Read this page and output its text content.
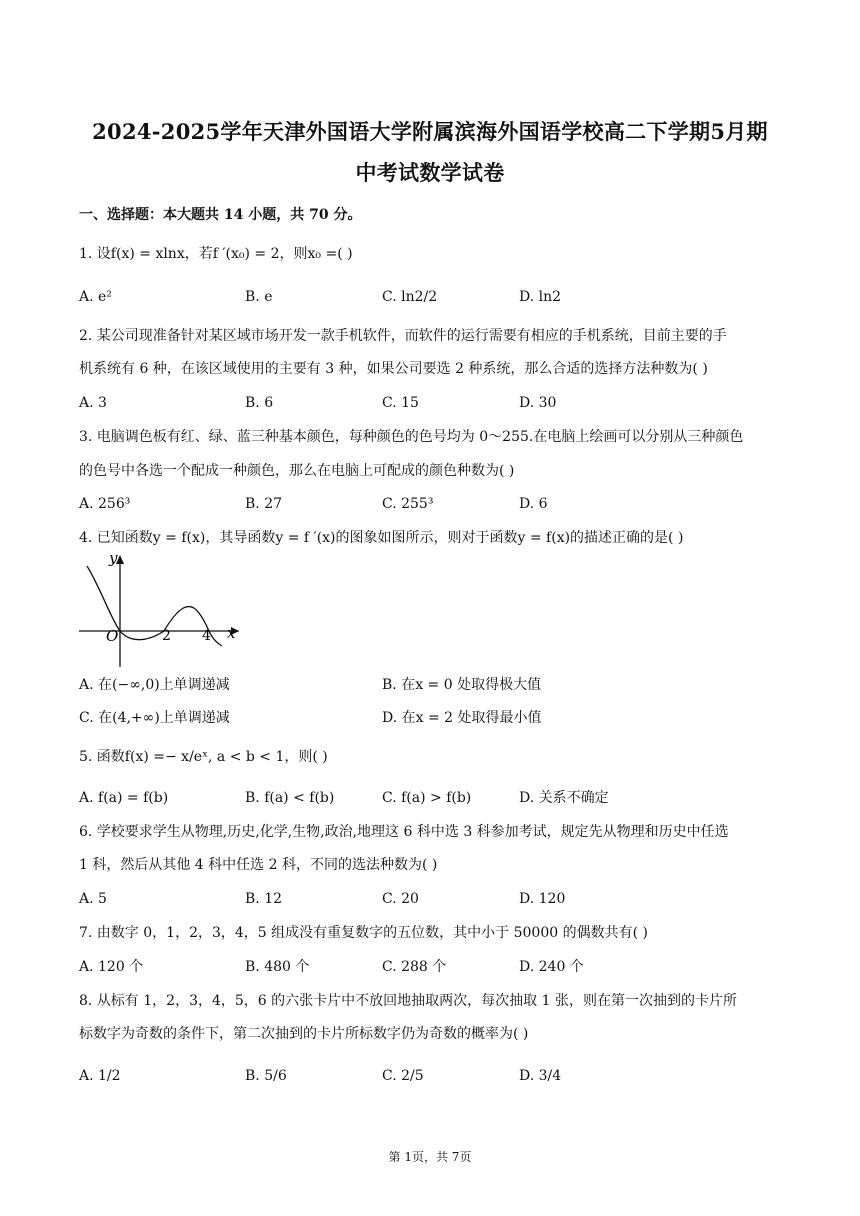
2024-2025学年天津外国语大学附属滨海外国语学校高二下学期5月期
中考试数学试卷
一、选择题：本大题共 14 小题，共 70 分。
1. 设f(x) = xlnx，若f ′(x₀) = 2，则x₀ =( )
A. e²	B. e	C. ln2/2	D. ln2
2. 某公司现准备针对某区域市场开发一款手机软件，而软件的运行需要有相应的手机系统，目前主要的手
机系统有 6 种，在该区域使用的主要有 3 种，如果公司要选 2 种系统，那么合适的选择方法种数为( )
A. 3	B. 6	C. 15	D. 30
3. 电脑调色板有红、绿、蓝三种基本颜色，每种颜色的色号均为 0～255.在电脑上绘画可以分别从三种颜色
的色号中各选一个配成一种颜色，那么在电脑上可配成的颜色种数为( )
A. 256³	B. 27	C. 255³	D. 6
4. 已知函数y = f(x)，其导函数y = f ′(x)的图象如图所示，则对于函数y = f(x)的描述正确的是( )
y
x
O	2 4
A. 在(−∞,0)上单调递减	B. 在x = 0 处取得极大值
C. 在(4,+∞)上单调递减	D. 在x = 2 处取得最小值
5. 函数f(x) =− x/eˣ, a < b < 1，则( )
A. f(a) = f(b)	B. f(a) < f(b)	C. f(a) > f(b)	D. 关系不确定
6. 学校要求学生从物理,历史,化学,生物,政治,地理这 6 科中选 3 科参加考试，规定先从物理和历史中任选
1 科，然后从其他 4 科中任选 2 科，不同的选法种数为( )
A. 5	B. 12	C. 20	D. 120
7. 由数字 0，1，2，3，4，5 组成没有重复数字的五位数，其中小于 50000 的偶数共有( )
A. 120 个	B. 480 个	C. 288 个	D. 240 个
8. 从标有 1，2，3，4，5，6 的六张卡片中不放回地抽取两次，每次抽取 1 张，则在第一次抽到的卡片所
标数字为奇数的条件下，第二次抽到的卡片所标数字仍为奇数的概率为( )
A. 1/2	B. 5/6	C. 2/5	D. 3/4
第 1页，共 7页
